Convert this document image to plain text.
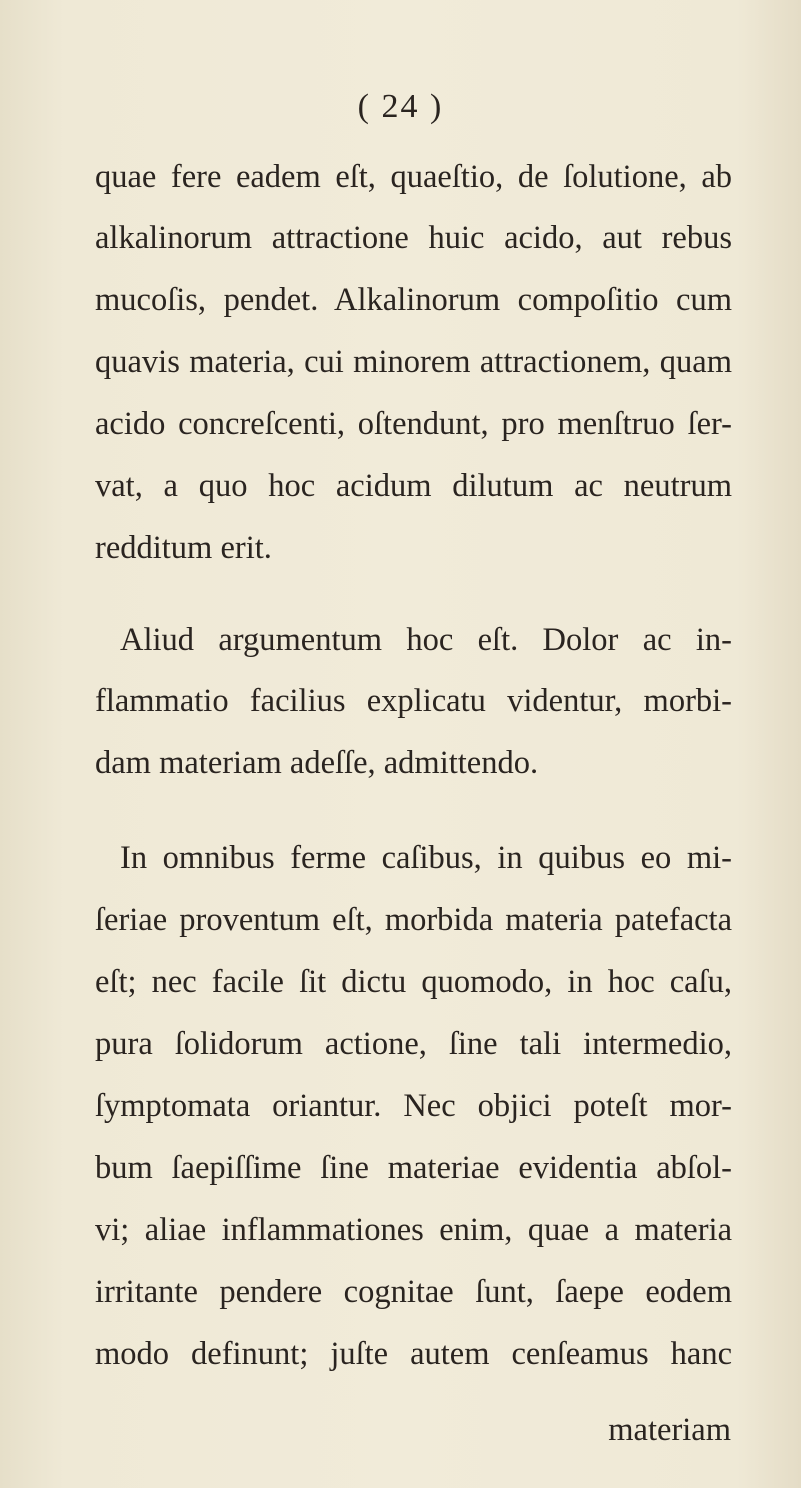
( 24 )
quae fere eadem eſt, quaeſtio, de ſolutione, ab
alkalinorum attractione huic acido, aut rebus
mucoſis, pendet. Alkalinorum compoſitio cum
quavis materia, cui minorem attractionem, quam
acido concreſcenti, oſtendunt, pro menſtruo ſer-
vat, a quo hoc acidum dilutum ac neutrum
redditum erit.
Aliud argumentum hoc eſt. Dolor ac in-
flammatio facilius explicatu videntur, morbi-
dam materiam adeſſe, admittendo.
In omnibus ferme caſibus, in quibus eo mi-
ſeriae proventum eſt, morbida materia patefacta
eſt; nec facile ſit dictu quomodo, in hoc caſu,
pura ſolidorum actione, ſine tali intermedio,
ſymptomata oriantur. Nec objici poteſt mor-
bum ſaepiſſime ſine materiae evidentia abſol-
vi; aliae inflammationes enim, quae a materia
irritante pendere cognitae ſunt, ſaepe eodem
modo definunt; juſte autem cenſeamus hanc
materiam
